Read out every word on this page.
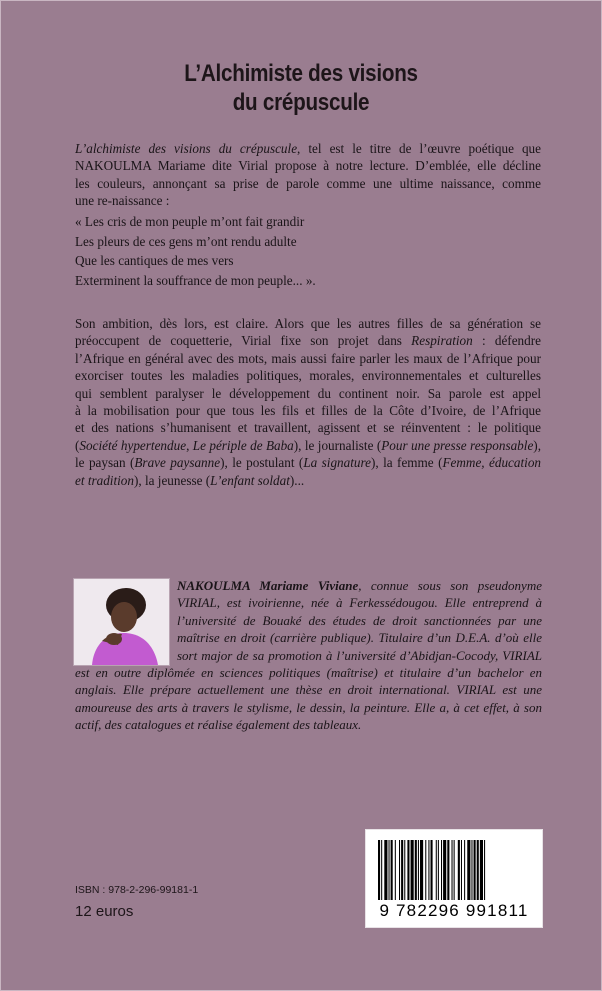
L’Alchimiste des visions
du crépuscule
L’alchimiste des visions du crépuscule, tel est le titre de l’œuvre poétique que
NAKOULMA Mariame dite Virial propose à notre lecture. D’emblée, elle décline
les couleurs, annonçant sa prise de parole comme une ultime naissance, comme
une re-naissance :
« Les cris de mon peuple m’ont fait grandir
Les pleurs de ces gens m’ont rendu adulte
Que les cantiques de mes vers
Exterminent la souffrance de mon peuple... ».
Son ambition, dès lors, est claire. Alors que les autres filles de sa génération se
préoccupent de coquetterie, Virial fixe son projet dans Respiration : défendre
l’Afrique en général avec des mots, mais aussi faire parler les maux de l’Afrique pour
exorciser toutes les maladies politiques, morales, environnementales et culturelles
qui semblent paralyser le développement du continent noir. Sa parole est appel
à la mobilisation pour que tous les fils et filles de la Côte d’Ivoire, de l’Afrique
et des nations s’humanisent et travaillent, agissent et se réinventent : le politique
(Société hypertendue, Le périple de Baba), le journaliste (Pour une presse responsable),
le paysan (Brave paysanne), le postulant (La signature), la femme (Femme, éducation
et tradition), la jeunesse (L’enfant soldat)...

NAKOULMA Mariame Viviane, connue sous son pseudonyme VIRIAL, est ivoirienne, née à Ferkessédougou. Elle entreprend à l’université de Bouaké des études de droit sanctionnées par une maîtrise en droit (carrière publique). Titulaire d’un D.E.A. d’où elle sort major de sa promotion à l’université d’Abidjan-Cocody, VIRIAL est en outre diplômée en sciences politiques (maîtrise) et titulaire d’un bachelor en anglais. Elle prépare actuellement une thèse en droit international. VIRIAL est une amoureuse des arts à travers le stylisme, le dessin, la peinture. Elle a, à cet effet, à son actif, des catalogues et réalise également des tableaux.

ISBN : 978-2-296-99181-1
12 euros	9 782296 991811
